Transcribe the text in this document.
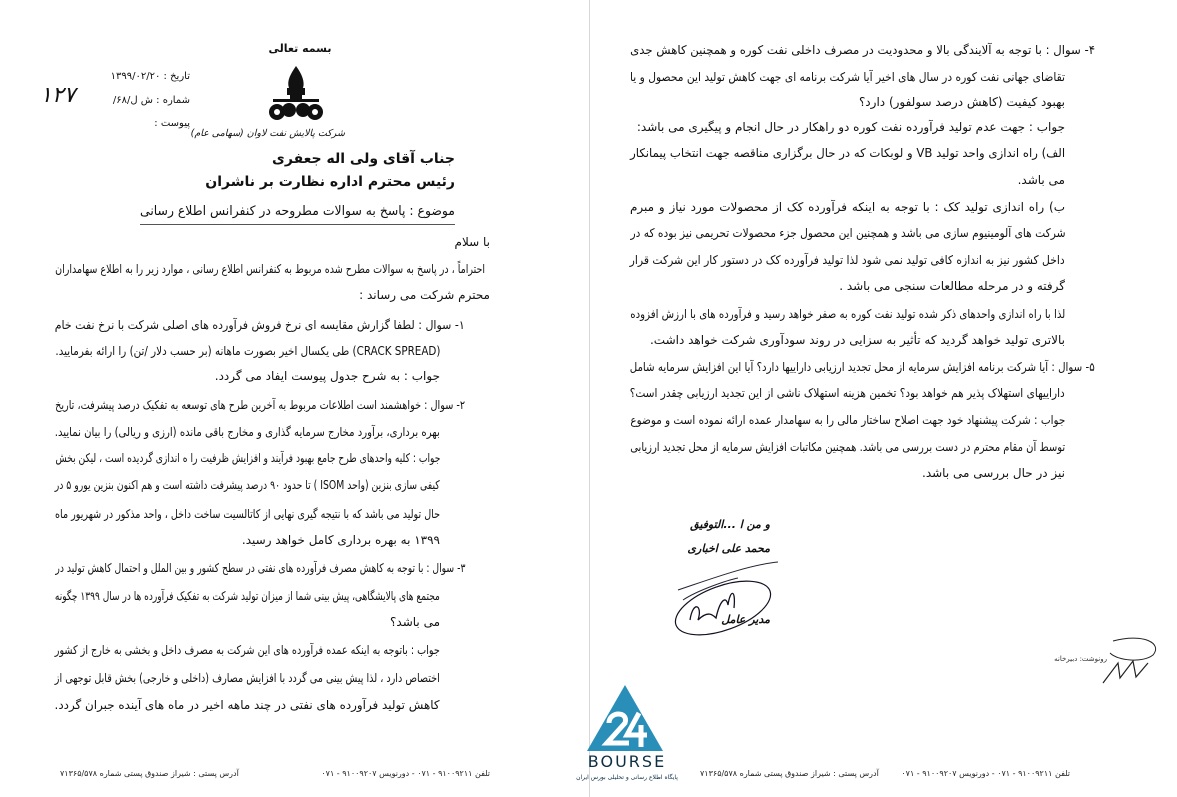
بسمه تعالی
تاریخ : ۱۳۹۹/۰۲/۲۰
شماره : ش ل/۶۸/
۱۲۷
پیوست :
شرکت پالایش نفت لاوان (سهامی عام)
جناب آقای ولی اله جعفری
رئیس محترم اداره نظارت بر ناشران
موضوع : پاسخ به سوالات مطروحه در کنفرانس اطلاع رسانی
با سلام
احتراماً ، در پاسخ به سوالات مطرح شده مربوط به کنفرانس اطلاع رسانی ، موارد زیر را به اطلاع سهامداران
محترم شرکت می رساند :
۱- سوال : لطفا گزارش مقایسه ای نرخ فروش فرآورده های اصلی شرکت با نرخ نفت خام
(CRACK SPREAD) طی یکسال اخیر بصورت ماهانه (بر حسب دلار /تن) را ارائه بفرمایید.
جواب : به شرح جدول پیوست ایفاد می گردد.
۲- سوال : خواهشمند است اطلاعات مربوط به آخرین طرح های توسعه به تفکیک درصد پیشرفت، تاریخ
بهره برداری، برآورد مخارج سرمایه گذاری و مخارج باقی مانده (ارزی و ریالی) را بیان نمایید.
جواب : کلیه واحدهای طرح جامع بهبود فرآیند و افزایش ظرفیت را ه اندازی گردیده است ، لیکن بخش
کیفی سازی بنزین (واحد ISOM ) تا حدود ۹۰ درصد پیشرفت داشته است و هم اکنون بنزین یورو ۵ در
حال تولید می باشد که با نتیجه گیری نهایی از کاتالسیت ساخت داخل ، واحد مذکور در شهریور ماه
۱۳۹۹ به بهره برداری کامل خواهد رسید.
۳- سوال : با توجه به کاهش مصرف فرآورده های نفتی در سطح کشور و بین الملل و احتمال کاهش تولید در
مجتمع های پالایشگاهی، پیش بینی شما از میزان تولید شرکت به تفکیک فرآورده ها در سال ۱۳۹۹ چگونه
می باشد؟
جواب : باتوجه به اینکه عمده فرآورده های این شرکت به مصرف داخل و بخشی به خارج از کشور
اختصاص دارد ، لذا پیش بینی می گردد با افزایش مصارف (داخلی و خارجی) بخش قابل توجهی از
کاهش تولید فرآورده های نفتی در چند ماهه اخیر در ماه های آینده جبران گردد.
۴- سوال : با توجه به آلایندگی بالا و محدودیت در مصرف داخلی نفت کوره و همچنین کاهش جدی
تقاضای جهانی نفت کوره در سال های اخیر آیا شرکت برنامه ای جهت کاهش تولید این محصول و یا
بهبود کیفیت (کاهش درصد سولفور) دارد؟
جواب : جهت عدم تولید فرآورده نفت کوره دو راهکار در حال انجام و پیگیری می باشد:
الف) راه اندازی واحد تولید VB و لوبکات که در حال برگزاری مناقصه جهت انتخاب پیمانکار
می باشد.
ب) راه اندازی تولید کک : با توجه به اینکه فرآورده کک از محصولات مورد نیاز و مبرم
شرکت های آلومینیوم سازی می باشد و همچنین این محصول جزء محصولات تحریمی نیز بوده که در
داخل کشور نیز به اندازه کافی تولید نمی شود لذا تولید فرآورده کک در دستور کار این شرکت قرار
گرفته و در مرحله مطالعات سنجی می باشد .
لذا با راه اندازی واحدهای ذکر شده تولید نفت کوره به صفر خواهد رسید و فرآورده های با ارزش افزوده
بالاتری تولید خواهد گردید که تأثیر به سزایی در روند سودآوری شرکت خواهد داشت.
۵- سوال : آیا شرکت برنامه افزایش سرمایه از محل تجدید ارزیابی داراییها دارد؟ آیا این افزایش سرمایه شامل
داراییهای استهلاک پذیر هم خواهد بود؟ تخمین هزینه استهلاک ناشی از این تجدید ارزیابی چقدر است؟
جواب : شرکت پیشنهاد خود جهت اصلاح ساختار مالی را به سهامدار عمده ارائه نموده است و موضوع
توسط آن مقام محترم در دست بررسی می باشد. همچنین مکاتبات افزایش سرمایه از محل تجدید ارزیابی
نیز در حال بررسی می باشد.
و من ا ...التوفیق
محمد علی اخباری
مدیر عامل
رونوشت: دبیرخانه
BOURSE
پایگاه اطلاع رسانی و تحلیلی بورس ایران
تلفن ۹۱۰۰۹۲۱۱ - ۰۷۱ - دورنویس ۹۱۰۰۹۲۰۷ - ۰۷۱
آدرس پستی : شیراز صندوق پستی شماره ۷۱۳۶۵/۵۷۸	تلفن ۹۱۰۰۹۲۱۱ - ۰۷۱ - دورنویس ۹۱۰۰۹۲۰۷ - ۰۷۱
آدرس پستی : شیراز صندوق پستی شماره ۷۱۳۶۵/۵۷۸
